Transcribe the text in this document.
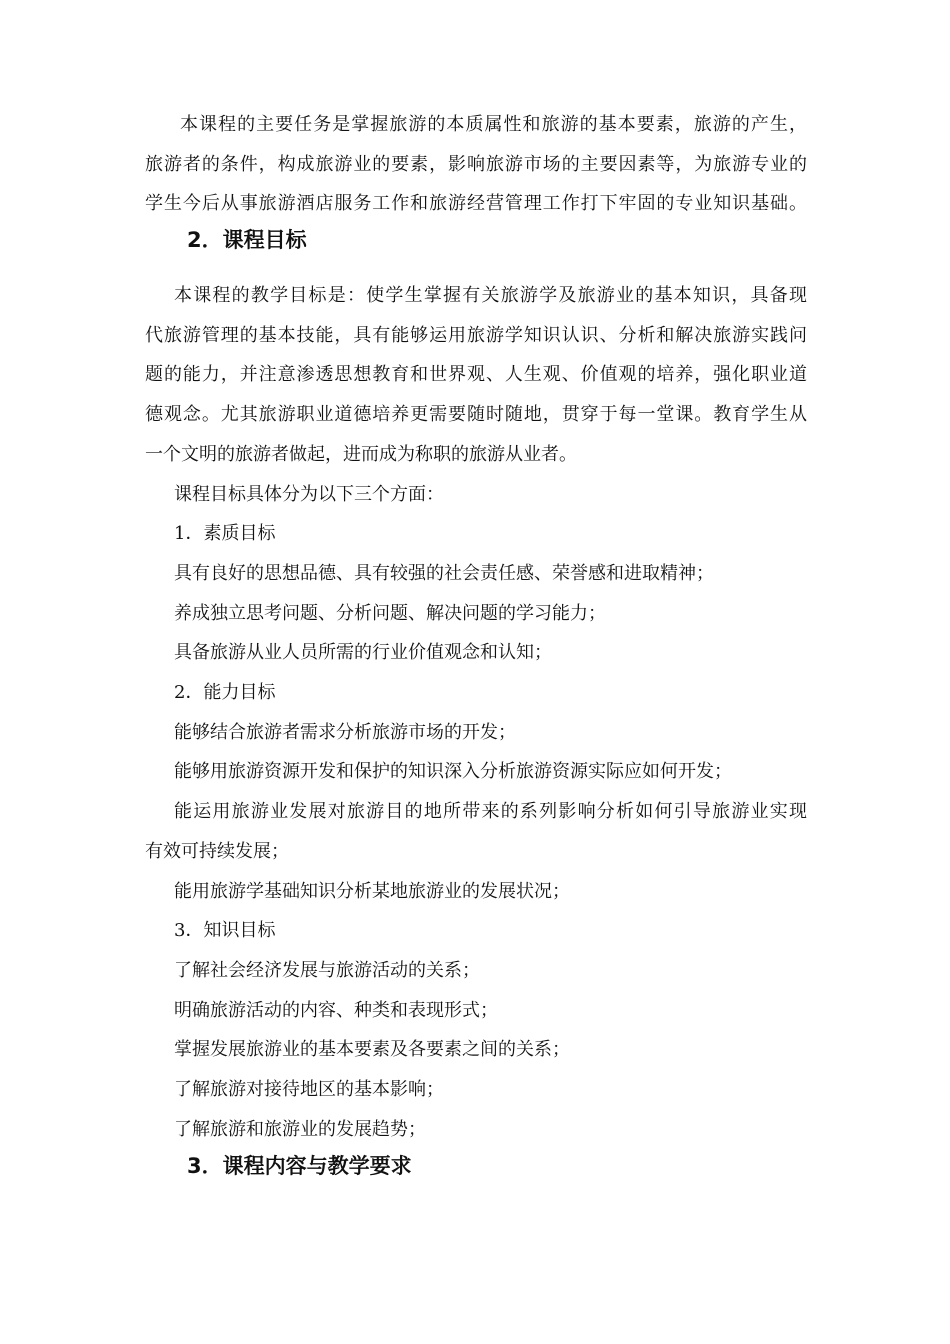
本课程的主要任务是掌握旅游的本质属性和旅游的基本要素，旅游的产生，

旅游者的条件，构成旅游业的要素，影响旅游市场的主要因素等，为旅游专业的

学生今后从事旅游酒店服务工作和旅游经营管理工作打下牢固的专业知识基础。

2．课程目标

本课程的教学目标是：使学生掌握有关旅游学及旅游业的基本知识，具备现

代旅游管理的基本技能，具有能够运用旅游学知识认识、分析和解决旅游实践问

题的能力，并注意渗透思想教育和世界观、人生观、价值观的培养，强化职业道

德观念。尤其旅游职业道德培养更需要随时随地，贯穿于每一堂课。教育学生从

一个文明的旅游者做起，进而成为称职的旅游从业者。

课程目标具体分为以下三个方面：

1．素质目标

具有良好的思想品德、具有较强的社会责任感、荣誉感和进取精神；

养成独立思考问题、分析问题、解决问题的学习能力；

具备旅游从业人员所需的行业价值观念和认知；

2．能力目标

能够结合旅游者需求分析旅游市场的开发；

能够用旅游资源开发和保护的知识深入分析旅游资源实际应如何开发；

能运用旅游业发展对旅游目的地所带来的系列影响分析如何引导旅游业实现

有效可持续发展；

能用旅游学基础知识分析某地旅游业的发展状况；

3．知识目标

了解社会经济发展与旅游活动的关系；

明确旅游活动的内容、种类和表现形式；

掌握发展旅游业的基本要素及各要素之间的关系；

了解旅游对接待地区的基本影响；

了解旅游和旅游业的发展趋势；

3．课程内容与教学要求
